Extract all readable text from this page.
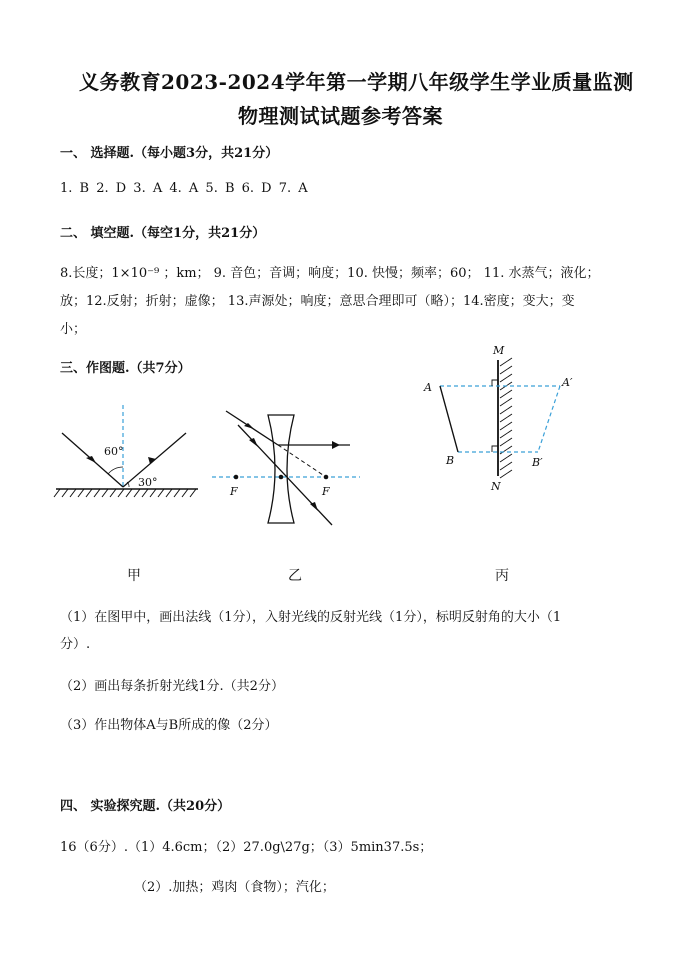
义务教育2023-2024学年第一学期八年级学生学业质量监测
物理测试试题参考答案
一、 选择题.（每小题3分，共21分）
1. B 2. D 3. A 4. A 5. B 6. D 7. A
二、 填空题.（每空1分，共21分）
8.长度；1×10⁻⁹ ；km； 9. 音色；音调；响度；10. 快慢；频率；60； 11. 水蒸气；液化；
放；12.反射；折射；虚像； 13.声源处；响度；意思合理即可（略）；14.密度；变大；变
小；
三、作图题.（共7分）
60°
30°
F	F
M
N
A
B
A′
B′
甲	乙	丙
（1）在图甲中，画出法线（1分），入射光线的反射光线（1分），标明反射角的大小（1
分）.
（2）画出每条折射光线1分.（共2分）
（3）作出物体A与B所成的像（2分）
四、 实验探究题.（共20分）
16（6分）.（1）4.6cm；（2）27.0g\27g；（3）5min37.5s；
（2）.加热；鸡肉（食物）；汽化；
